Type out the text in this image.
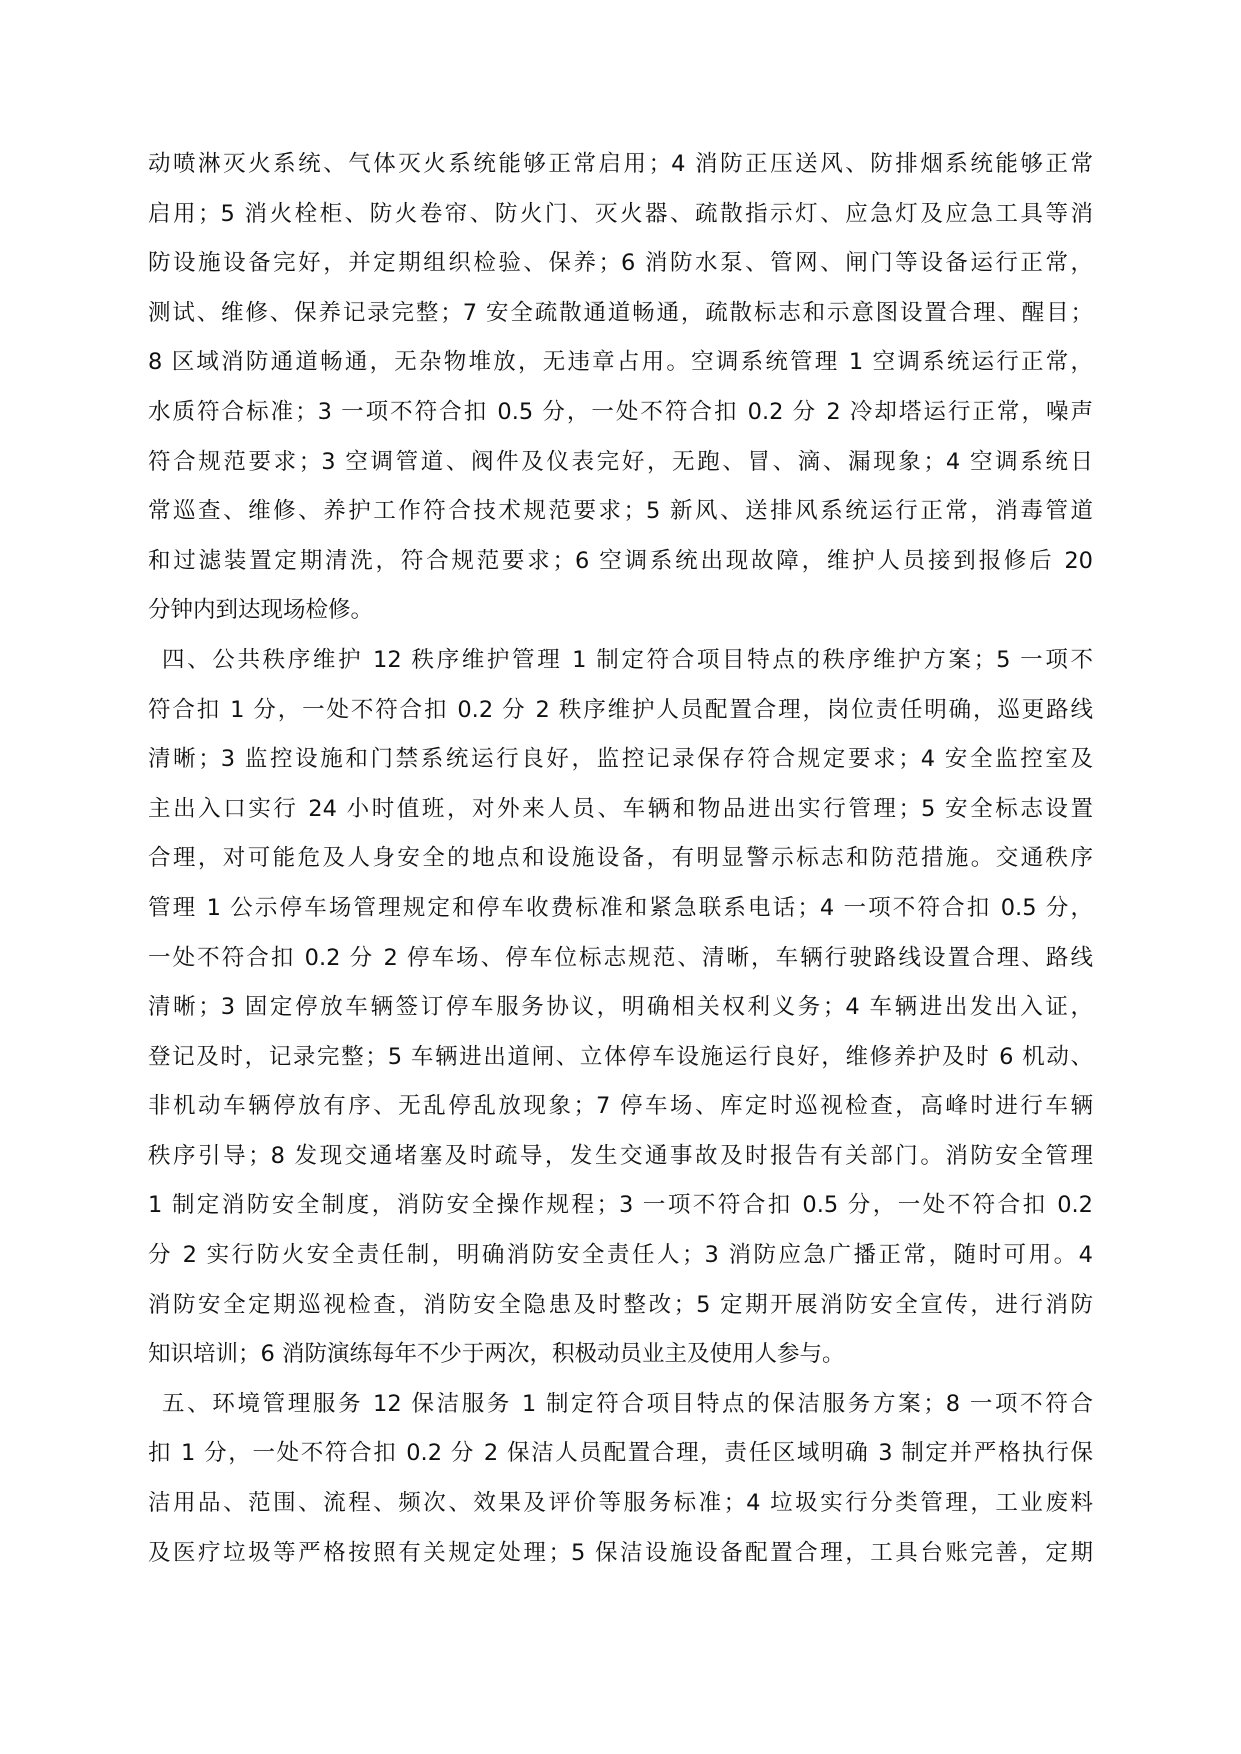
动喷淋灭火系统、气体灭火系统能够正常启用；4 消防正压送风、防排烟系统能够正常
启用；5 消火栓柜、防火卷帘、防火门、灭火器、疏散指示灯、应急灯及应急工具等消
防设施设备完好，并定期组织检验、保养；6 消防水泵、管网、闸门等设备运行正常，
测试、维修、保养记录完整；7 安全疏散通道畅通，疏散标志和示意图设置合理、醒目；
8 区域消防通道畅通，无杂物堆放，无违章占用。空调系统管理 1 空调系统运行正常，
水质符合标准；3 一项不符合扣 0.5 分，一处不符合扣 0.2 分 2 冷却塔运行正常，噪声
符合规范要求；3 空调管道、阀件及仪表完好，无跑、冒、滴、漏现象；4 空调系统日
常巡查、维修、养护工作符合技术规范要求；5 新风、送排风系统运行正常，消毒管道
和过滤装置定期清洗，符合规范要求；6 空调系统出现故障，维护人员接到报修后 20
分钟内到达现场检修。
四、公共秩序维护 12 秩序维护管理 1 制定符合项目特点的秩序维护方案；5 一项不
符合扣 1 分，一处不符合扣 0.2 分 2 秩序维护人员配置合理，岗位责任明确，巡更路线
清晰；3 监控设施和门禁系统运行良好，监控记录保存符合规定要求；4 安全监控室及
主出入口实行 24 小时值班，对外来人员、车辆和物品进出实行管理；5 安全标志设置
合理，对可能危及人身安全的地点和设施设备，有明显警示标志和防范措施。交通秩序
管理 1 公示停车场管理规定和停车收费标准和紧急联系电话；4 一项不符合扣 0.5 分，
一处不符合扣 0.2 分 2 停车场、停车位标志规范、清晰，车辆行驶路线设置合理、路线
清晰；3 固定停放车辆签订停车服务协议，明确相关权利义务；4 车辆进出发出入证，
登记及时，记录完整；5 车辆进出道闸、立体停车设施运行良好，维修养护及时 6 机动、
非机动车辆停放有序、无乱停乱放现象；7 停车场、库定时巡视检查，高峰时进行车辆
秩序引导；8 发现交通堵塞及时疏导，发生交通事故及时报告有关部门。消防安全管理
1 制定消防安全制度，消防安全操作规程；3 一项不符合扣 0.5 分，一处不符合扣 0.2
分 2 实行防火安全责任制，明确消防安全责任人；3 消防应急广播正常，随时可用。4
消防安全定期巡视检查，消防安全隐患及时整改；5 定期开展消防安全宣传，进行消防
知识培训；6 消防演练每年不少于两次，积极动员业主及使用人参与。
五、环境管理服务 12 保洁服务 1 制定符合项目特点的保洁服务方案；8 一项不符合
扣 1 分，一处不符合扣 0.2 分 2 保洁人员配置合理，责任区域明确 3 制定并严格执行保
洁用品、范围、流程、频次、效果及评价等服务标准；4 垃圾实行分类管理，工业废料
及医疗垃圾等严格按照有关规定处理；5 保洁设施设备配置合理，工具台账完善，定期
